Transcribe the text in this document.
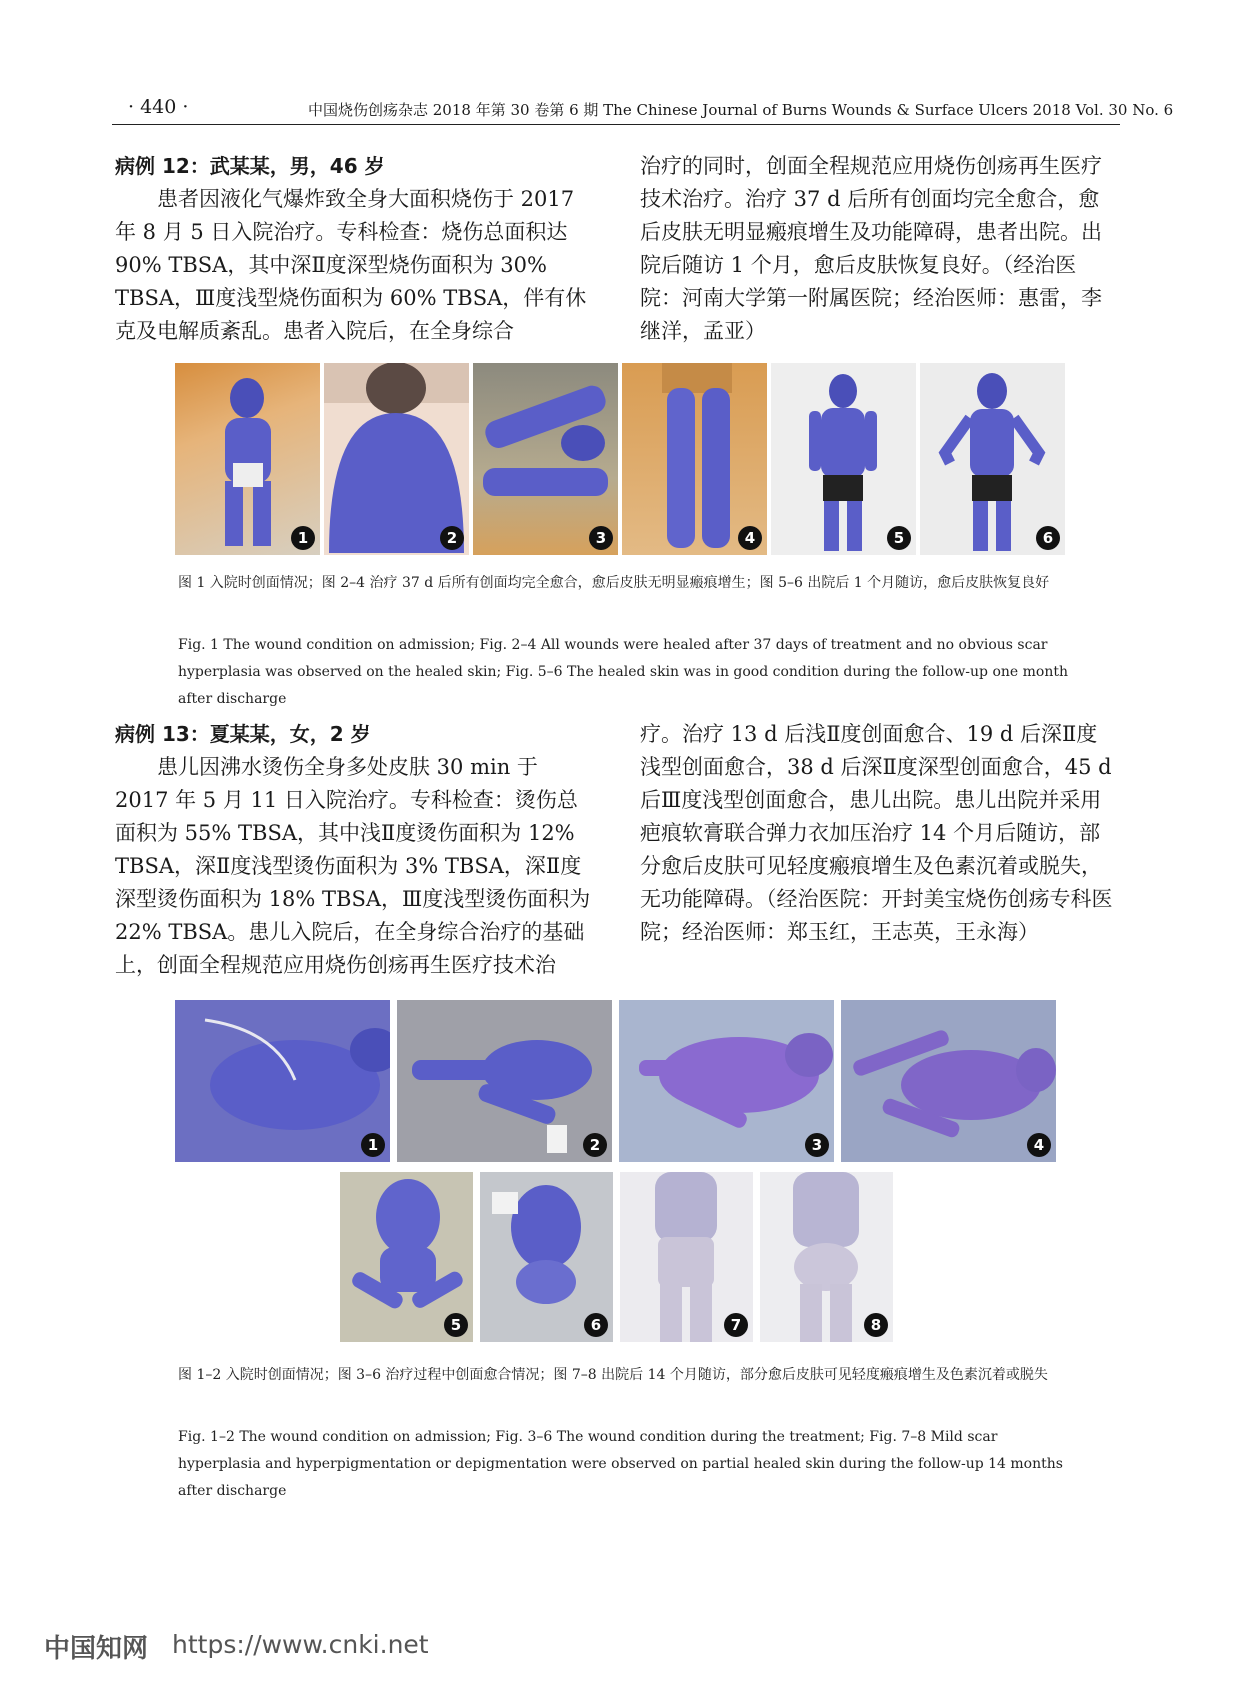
· 440 ·	中国烧伤创疡杂志 2018 年第 30 卷第 6 期 The Chinese Journal of Burns Wounds & Surface Ulcers 2018 Vol. 30 No. 6

病例 12：武某某，男，46 岁

患者因液化气爆炸致全身大面积烧伤于 2017 年 8 月 5 日入院治疗。专科检查：烧伤总面积达 90% TBSA，其中深Ⅱ度深型烧伤面积为 30% TBSA，Ⅲ度浅型烧伤面积为 60% TBSA，伴有休克及电解质紊乱。患者入院后，在全身综合

治疗的同时，创面全程规范应用烧伤创疡再生医疗技术治疗。治疗 37 d 后所有创面均完全愈合，愈后皮肤无明显瘢痕增生及功能障碍，患者出院。出院后随访 1 个月，愈后皮肤恢复良好。（经治医院：河南大学第一附属医院；经治医师：惠雷，李继洋，孟亚）

1	2	3	4	5	6
图 1 入院时创面情况；图 2–4 治疗 37 d 后所有创面均完全愈合，愈后皮肤无明显瘢痕增生；图 5–6 出院后 1 个月随访，愈后皮肤恢复良好
Fig. 1 The wound condition on admission; Fig. 2–4 All wounds were healed after 37 days of treatment and no obvious scar hyperplasia was observed on the healed skin; Fig. 5–6 The healed skin was in good condition during the follow-up one month after discharge

病例 13：夏某某，女，2 岁

患儿因沸水烫伤全身多处皮肤 30 min 于 2017 年 5 月 11 日入院治疗。专科检查：烫伤总面积为 55% TBSA，其中浅Ⅱ度烫伤面积为 12% TBSA，深Ⅱ度浅型烫伤面积为 3% TBSA，深Ⅱ度深型烫伤面积为 18% TBSA，Ⅲ度浅型烫伤面积为 22% TBSA。患儿入院后，在全身综合治疗的基础上，创面全程规范应用烧伤创疡再生医疗技术治

疗。治疗 13 d 后浅Ⅱ度创面愈合、19 d 后深Ⅱ度浅型创面愈合，38 d 后深Ⅱ度深型创面愈合，45 d 后Ⅲ度浅型创面愈合，患儿出院。患儿出院并采用疤痕软膏联合弹力衣加压治疗 14 个月后随访，部分愈后皮肤可见轻度瘢痕增生及色素沉着或脱失，无功能障碍。（经治医院：开封美宝烧伤创疡专科医院；经治医师：郑玉红，王志英，王永海）

1	2	3	4
5	6	7	8
图 1–2 入院时创面情况；图 3–6 治疗过程中创面愈合情况；图 7–8 出院后 14 个月随访，部分愈后皮肤可见轻度瘢痕增生及色素沉着或脱失
Fig. 1–2 The wound condition on admission; Fig. 3–6 The wound condition during the treatment; Fig. 7–8 Mild scar hyperplasia and hyperpigmentation or depigmentation were observed on partial healed skin during the follow-up 14 months after discharge
中国知网 https://www.cnki.net
